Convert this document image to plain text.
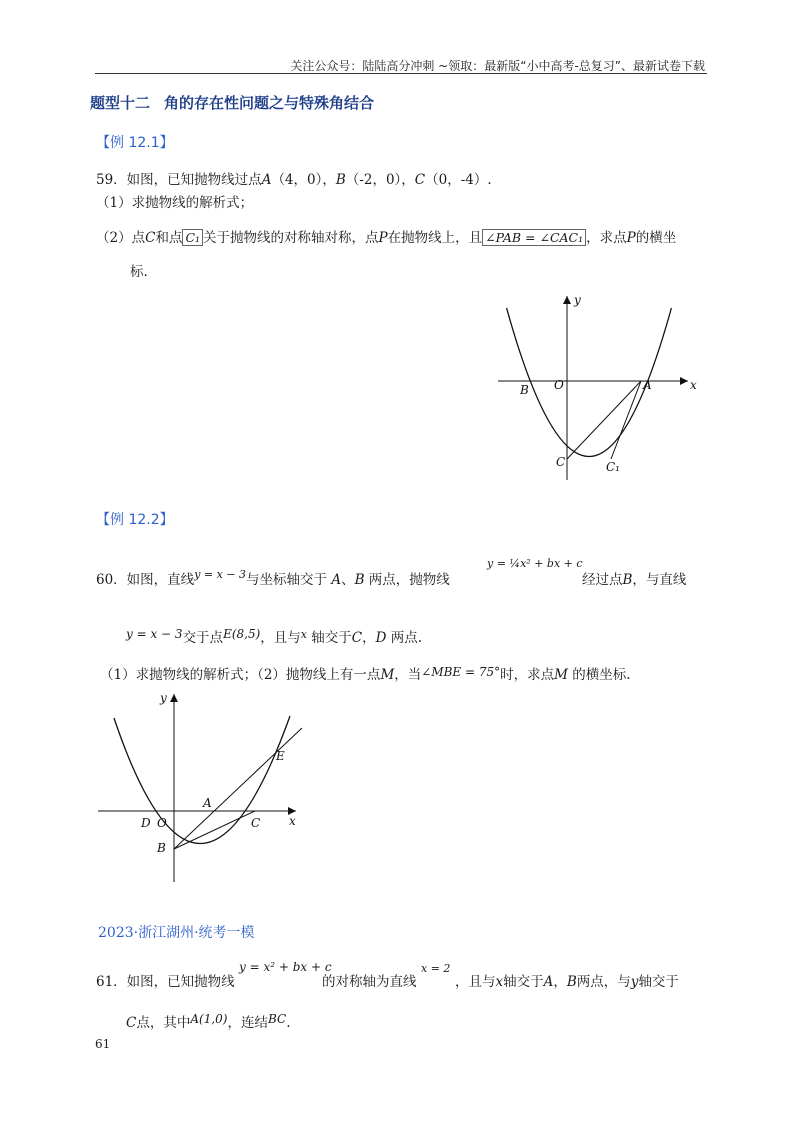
关注公众号：陆陆高分冲刺 ~领取：最新版“小中高考-总复习”、最新试卷下载
题型十二 角的存在性问题之与特殊角结合
【例 12.1】
59．如图，已知抛物线过点A（4，0），B（-2，0），C（0，-4）.
（1）求抛物线的解析式；
（2）点C和点 C₁ 关于抛物线的对称轴对称，点P在抛物线上，且 ∠PAB = ∠CAC₁ ，求点P的横坐
标.
x
y
O	A
B
C	C₁
【例 12.2】
60．如图，直线$^{y = x - 3}$与坐标轴交于 A、B 两点，抛物线
y = ¼x² + bx + c
经过点B，与直线
y = x − 3交于点E(8,5)，且与$^x$ 轴交于C，D 两点.
（1）求抛物线的解析式；（2）抛物线上有一点M，当∠MBE = 75°时，求点M 的横坐标.
x
y
O
A
B
C
D
E
2023·浙江湖州·统考一模
61．如图，已知抛物线
y = x² + bx + c
的对称轴为直线
x = 2
，且与x轴交于A，B两点，与y轴交于
C点，其中A(1,0)，连结BC.
61
